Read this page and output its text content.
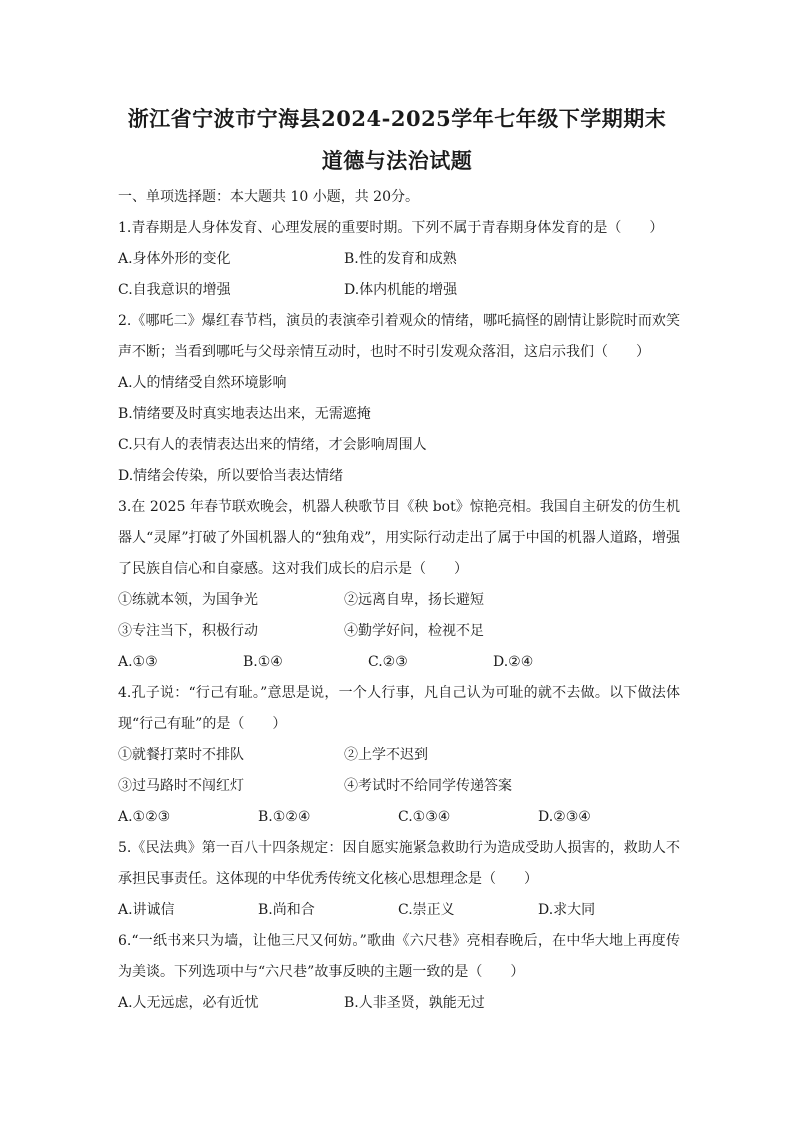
浙江省宁波市宁海县2024-2025学年七年级下学期期末
道德与法治试题
一、单项选择题：本大题共 10 小题，共 20分。
1.青春期是人身体发育、心理发展的重要时期。下列不属于青春期身体发育的是（　　）
A.身体外形的变化	B.性的发育和成熟
C.自我意识的增强	D.体内机能的增强
2.《哪吒二》爆红春节档，演员的表演牵引着观众的情绪，哪吒搞怪的剧情让影院时而欢笑声不断；当看到哪吒与父母亲情互动时，也时不时引发观众落泪，这启示我们（　　）
A.人的情绪受自然环境影响
B.情绪要及时真实地表达出来，无需遮掩
C.只有人的表情表达出来的情绪，才会影响周围人
D.情绪会传染，所以要恰当表达情绪
3.在 2025 年春节联欢晚会，机器人秧歌节目《秧 bot》惊艳亮相。我国自主研发的仿生机器人“灵犀”打破了外国机器人的“独角戏”，用实际行动走出了属于中国的机器人道路，增强了民族自信心和自豪感。这对我们成长的启示是（　　）
①练就本领，为国争光	②远离自卑，扬长避短
③专注当下，积极行动	④勤学好问，检视不足
A.①③	B.①④	C.②③	D.②④
4.孔子说：“行己有耻。”意思是说，一个人行事，凡自己认为可耻的就不去做。以下做法体现“行己有耻”的是（　　）
①就餐打菜时不排队	②上学不迟到
③过马路时不闯红灯	④考试时不给同学传递答案
A.①②③	B.①②④	C.①③④	D.②③④
5.《民法典》第一百八十四条规定：因自愿实施紧急救助行为造成受助人损害的，救助人不承担民事责任。这体现的中华优秀传统文化核心思想理念是（　　）
A.讲诚信	B.尚和合	C.崇正义	D.求大同
6.“一纸书来只为墙，让他三尺又何妨。”歌曲《六尺巷》亮相春晚后，在中华大地上再度传为美谈。下列选项中与“六尺巷”故事反映的主题一致的是（　　）
A.人无远虑，必有近忧	B.人非圣贤，孰能无过
